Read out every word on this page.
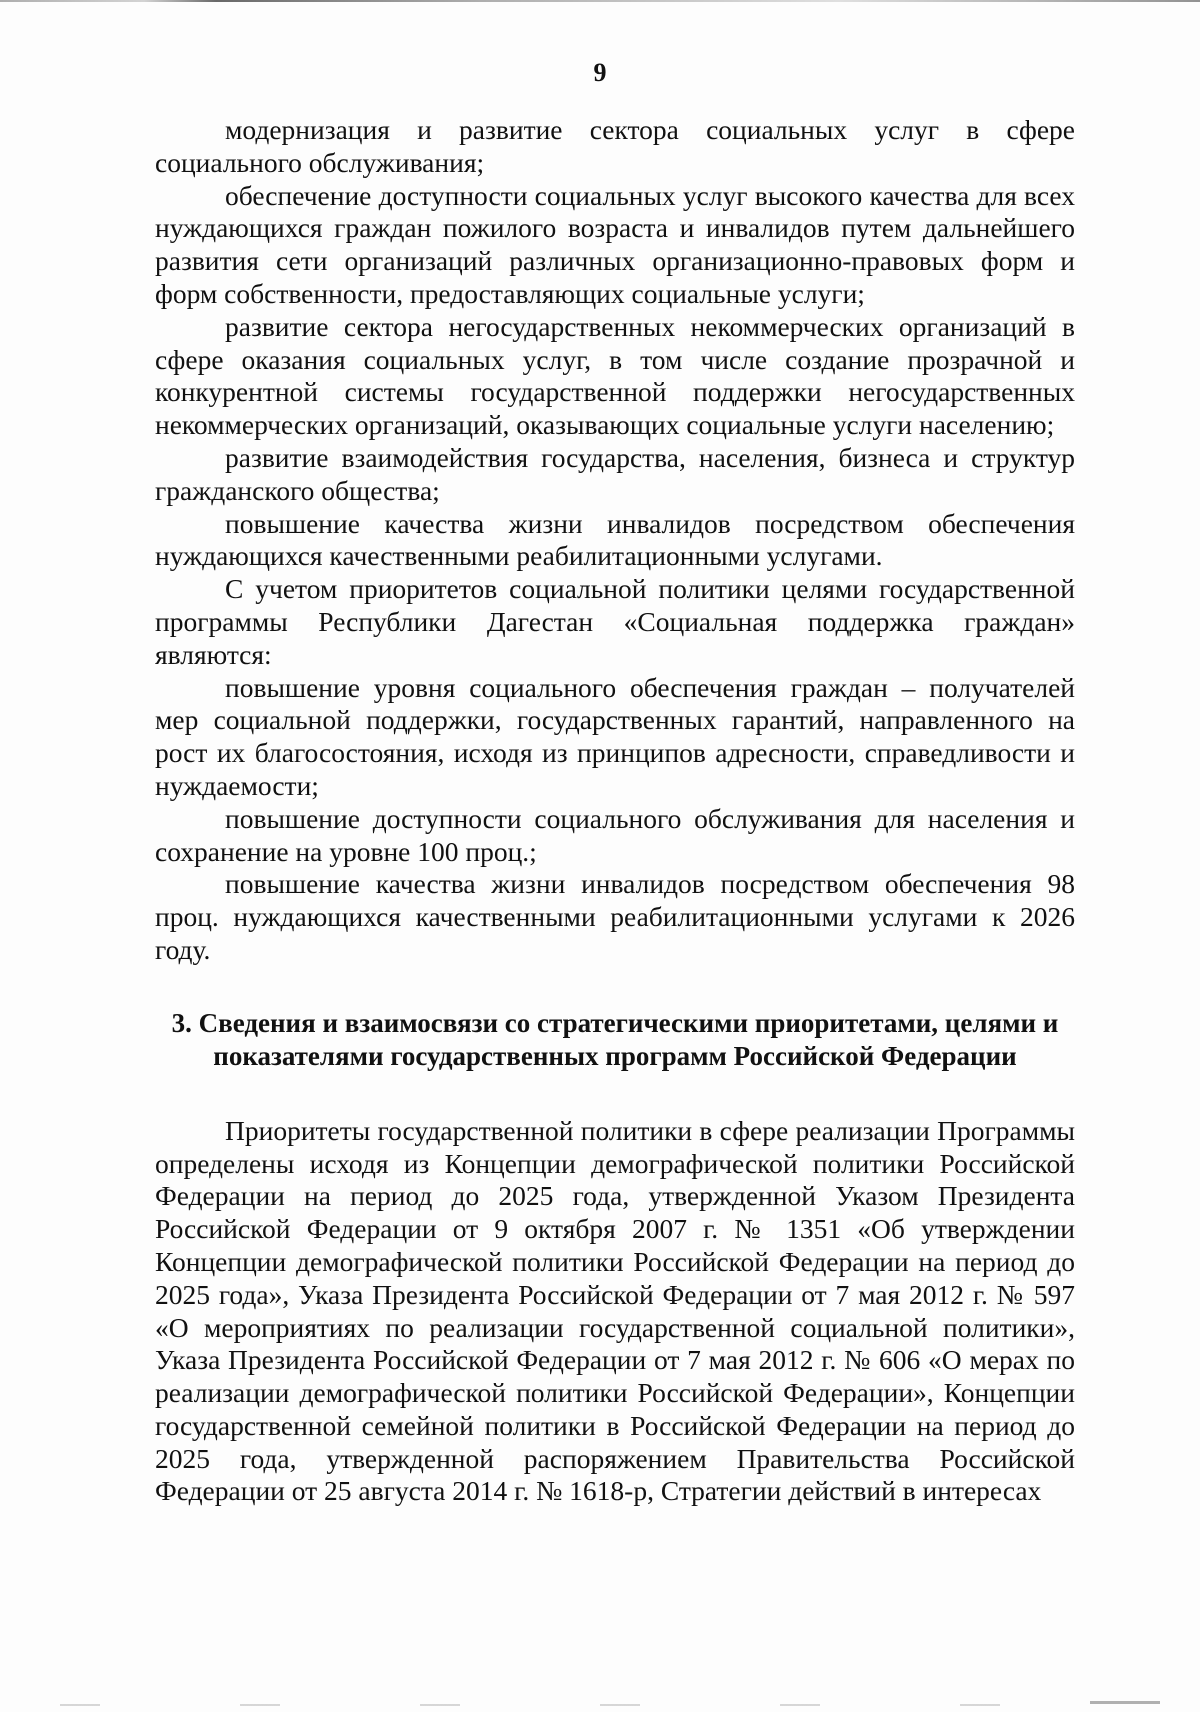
9

модернизация и развитие сектора социальных услуг в сфере социального обслуживания;

обеспечение доступности социальных услуг высокого качества для всех нуждающихся граждан пожилого возраста и инвалидов путем дальнейшего развития сети организаций различных организационно-правовых форм и форм собственности, предоставляющих социальные услуги;

развитие сектора негосударственных некоммерческих организаций в сфере оказания социальных услуг, в том числе создание прозрачной и конкурентной системы государственной поддержки негосударственных некоммерческих организаций, оказывающих социальные услуги населению;

развитие взаимодействия государства, населения, бизнеса и структур гражданского общества;

повышение качества жизни инвалидов посредством обеспечения нуждающихся качественными реабилитационными услугами.

С учетом приоритетов социальной политики целями государственной программы Республики Дагестан «Социальная поддержка граждан» являются:

повышение уровня социального обеспечения граждан – получателей мер социальной поддержки, государственных гарантий, направленного на рост их благосостояния, исходя из принципов адресности, справедливости и нуждаемости;

повышение доступности социального обслуживания для населения и сохранение на уровне 100 проц.;

повышение качества жизни инвалидов посредством обеспечения 98 проц. нуждающихся качественными реабилитационными услугами к 2026 году.

3. Сведения и взаимосвязи со стратегическими приоритетами, целями и показателями государственных программ Российской Федерации

Приоритеты государственной политики в сфере реализации Программы определены исходя из Концепции демографической политики Российской Федерации на период до 2025 года, утвержденной Указом Президента Российской Федерации от 9 октября 2007 г. № 1351 «Об утверждении Концепции демографической политики Российской Федерации на период до 2025 года», Указа Президента Российской Федерации от 7 мая 2012 г. № 597 «О мероприятиях по реализации государственной социальной политики», Указа Президента Российской Федерации от 7 мая 2012 г. № 606 «О мерах по реализации демографической политики Российской Федерации», Концепции государственной семейной политики в Российской Федерации на период до 2025 года, утвержденной распоряжением Правительства Российской Федерации от 25 августа 2014 г. № 1618-р, Стратегии действий в интересах
